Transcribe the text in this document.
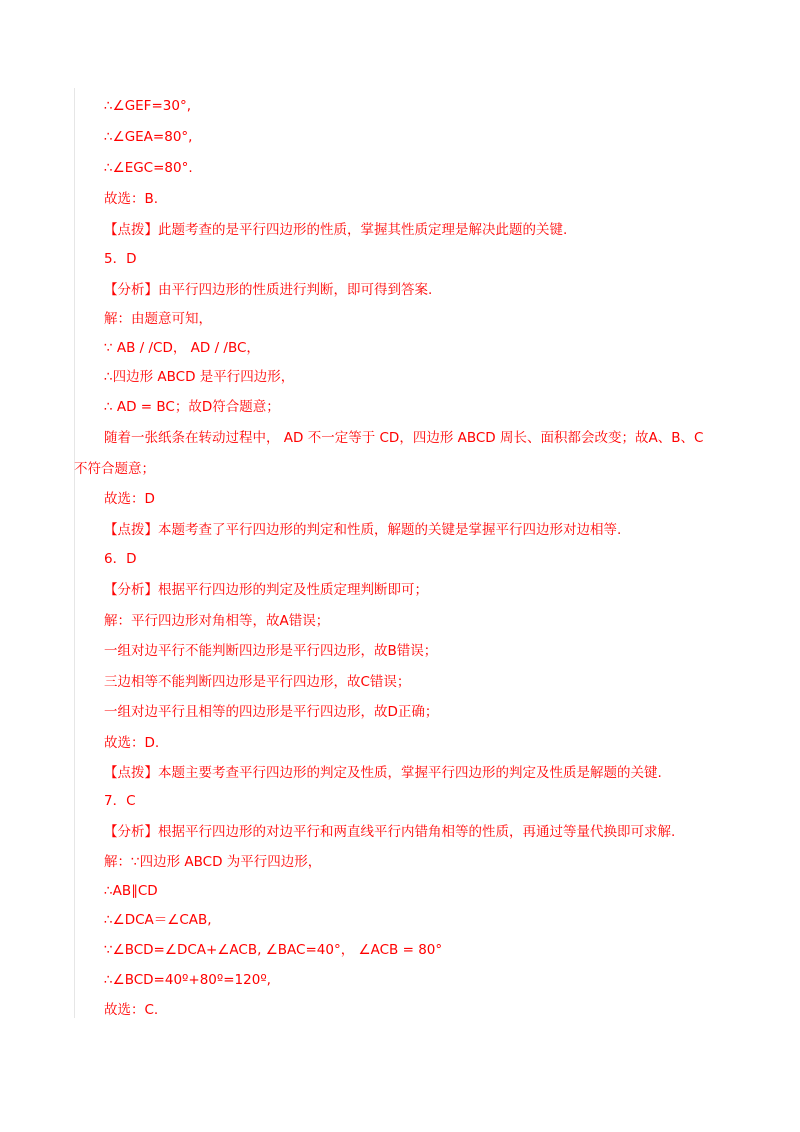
∴∠GEF=30°,
∴∠GEA=80°,
∴∠EGC=80°.
故选：B.
【点拨】此题考查的是平行四边形的性质，掌握其性质定理是解决此题的关键.
5．D
【分析】由平行四边形的性质进行判断，即可得到答案.
解：由题意可知，
∵ AB / /CD， AD / /BC，
∴四边形 ABCD 是平行四边形，
∴ AD = BC；故D符合题意；
随着一张纸条在转动过程中， AD 不一定等于 CD，四边形 ABCD 周长、面积都会改变；故A、B、C
不符合题意；
故选：D
【点拨】本题考查了平行四边形的判定和性质，解题的关键是掌握平行四边形对边相等.
6．D
【分析】根据平行四边形的判定及性质定理判断即可；
解：平行四边形对角相等，故A错误；
一组对边平行不能判断四边形是平行四边形，故B错误；
三边相等不能判断四边形是平行四边形，故C错误；
一组对边平行且相等的四边形是平行四边形，故D正确；
故选：D.
【点拨】本题主要考查平行四边形的判定及性质，掌握平行四边形的判定及性质是解题的关键.
7．C
【分析】根据平行四边形的对边平行和两直线平行内错角相等的性质，再通过等量代换即可求解.
解：∵四边形 ABCD 为平行四边形，
∴AB∥CD
∴∠DCA＝∠CAB,
∵∠BCD=∠DCA+∠ACB, ∠BAC=40°， ∠ACB = 80°
∴∠BCD=40º+80º=120º,
故选：C.
